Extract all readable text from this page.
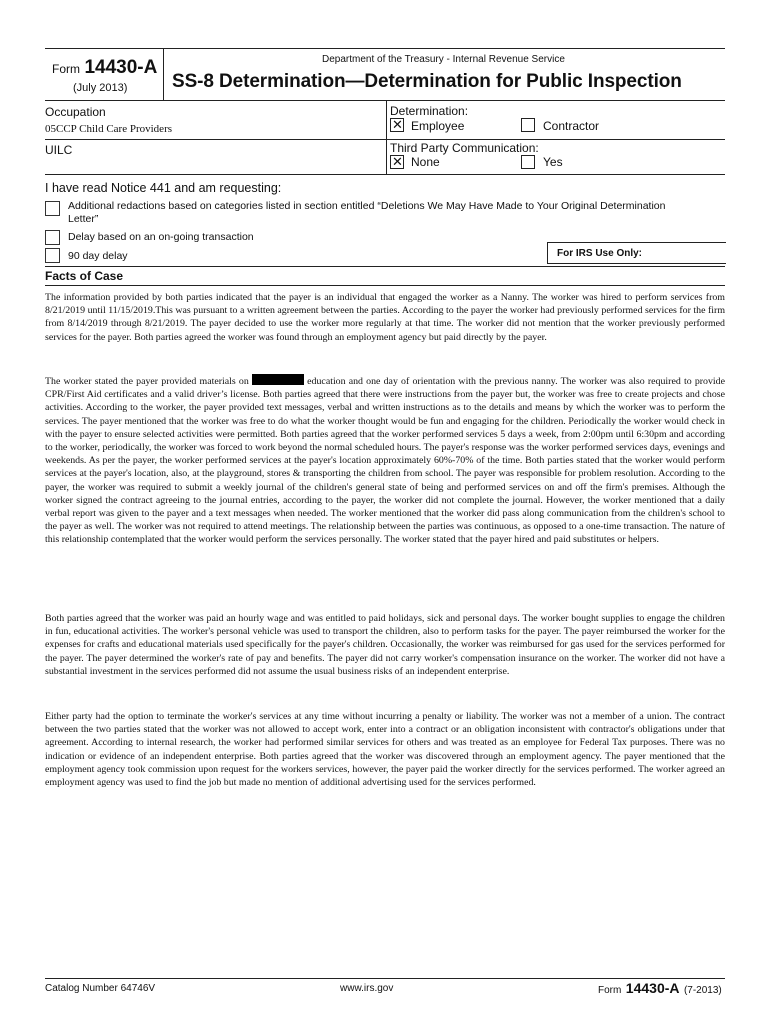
Form 14430-A
(July 2013)
Department of the Treasury - Internal Revenue Service
SS-8 Determination—Determination for Public Inspection
Occupation
05CCP Child Care Providers
UILC
Determination:
✕
Employee	Contractor
Third Party Communication:
✕
None	Yes
I have read Notice 441 and am requesting:
Additional redactions based on categories listed in section entitled “Deletions We May Have Made to Your Original Determination
Letter”
Delay based on an on-going transaction
90 day delay	For IRS Use Only:
Facts of Case

The information provided by both parties indicated that the payer is an individual that engaged the worker as a Nanny. The worker was hired to perform services from 8/21/2019 until 11/15/2019.This was pursuant to a written agreement between the parties. According to the payer the worker had previously performed services for the firm from 8/14/2019 through 8/21/2019. The payer decided to use the worker more regularly at that time. The worker did not mention that the worker previously performed services for the payer. Both parties agreed the worker was found through an employment agency but paid directly by the payer.

The worker stated the payer provided materials on	education and one day of orientation with the previous nanny. The worker was also required to provide CPR/First Aid certificates and a valid driver’s license. Both parties agreed that there were instructions from the payer but, the worker was free to create projects and chose activities. According to the worker, the payer provided text messages, verbal and written instructions as to the details and means by which the worker was to perform the services. The payer mentioned that the worker was free to do what the worker thought would be fun and engaging for the children. Periodically the worker would check in with the payer to ensure selected activities were permitted. Both parties agreed that the worker performed services 5 days a week, from 2:00pm until 6:30pm and according to the worker, periodically, the worker was forced to work beyond the normal scheduled hours. The payer's response was the worker performed services days, evenings and weekends. As per the payer, the worker performed services at the payer's location approximately 60%-70% of the time. Both parties stated that the worker would perform services at the payer's location, also, at the playground, stores & transporting the children from school. The payer was responsible for problem resolution. According to the payer, the worker was required to submit a weekly journal of the children's general state of being and performed services on and off the firm's premises. Although the worker signed the contract agreeing to the journal entries, according to the payer, the worker did not complete the journal. However, the worker mentioned that a daily verbal report was given to the payer and a text messages when needed. The worker mentioned that the worker did pass along communication from the children's school to the payer as well. The worker was not required to attend meetings. The relationship between the parties was continuous, as opposed to a one-time transaction. The nature of this relationship contemplated that the worker would perform the services personally. The worker stated that the payer hired and paid substitutes or helpers.

Both parties agreed that the worker was paid an hourly wage and was entitled to paid holidays, sick and personal days. The worker bought supplies to engage the children in fun, educational activities. The worker's personal vehicle was used to transport the children, also to perform tasks for the payer. The payer reimbursed the worker for the expenses for crafts and educational materials used specifically for the payer's children. Occasionally, the worker was reimbursed for gas used for the services performed for the payer. The payer determined the worker's rate of pay and benefits. The payer did not carry worker's compensation insurance on the worker. The worker did not have a substantial investment in the services performed did not assume the usual business risks of an independent enterprise.

Either party had the option to terminate the worker's services at any time without incurring a penalty or liability. The worker was not a member of a union. The contract between the two parties stated that the worker was not allowed to accept work, enter into a contract or an obligation inconsistent with contractor's obligations under that agreement. According to internal research, the worker had performed similar services for others and was treated as an employee for Federal Tax purposes. There was no indication or evidence of an independent enterprise. Both parties agreed that the worker was discovered through an employment agency. The payer mentioned that the employment agency took commission upon request for the workers services, however, the payer paid the worker directly for the services performed. The worker agreed an employment agency was used to find the job but made no mention of additional advertising used for the services performed.

Catalog Number 64746V	www.irs.gov	Form 14430-A (7-2013)
